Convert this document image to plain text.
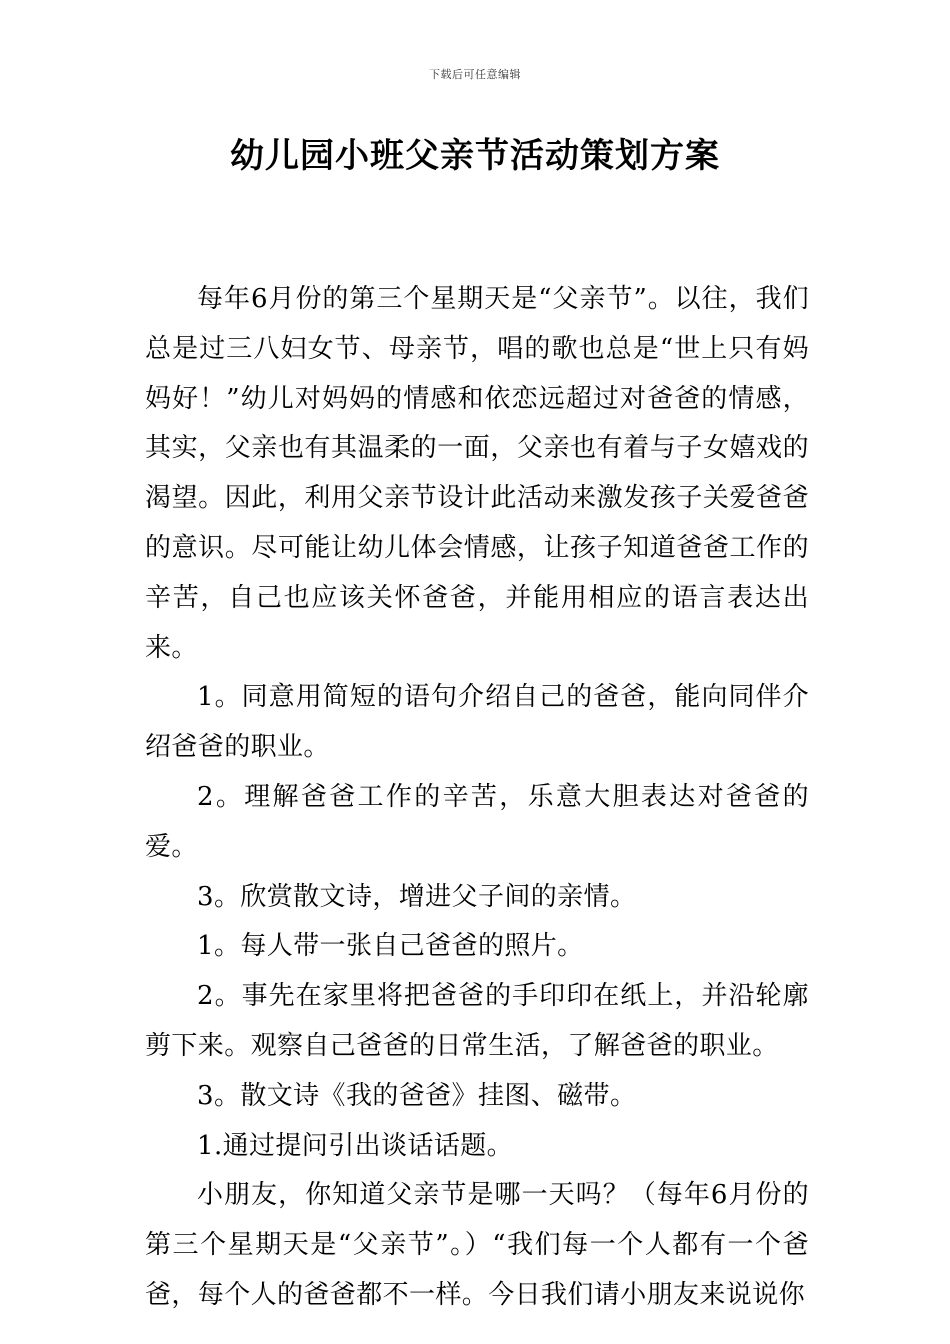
下载后可任意编辑
幼儿园小班父亲节活动策划方案

每年6月份的第三个星期天是“父亲节”。以往，我们总是过三八妇女节、母亲节，唱的歌也总是“世上只有妈妈好！”幼儿对妈妈的情感和依恋远超过对爸爸的情感，其实，父亲也有其温柔的一面，父亲也有着与子女嬉戏的渴望。因此，利用父亲节设计此活动来激发孩子关爱爸爸的意识。尽可能让幼儿体会情感，让孩子知道爸爸工作的辛苦，自己也应该关怀爸爸，并能用相应的语言表达出来。

1。同意用简短的语句介绍自己的爸爸，能向同伴介绍爸爸的职业。

2。理解爸爸工作的辛苦，乐意大胆表达对爸爸的爱。

3。欣赏散文诗，增进父子间的亲情。

1。每人带一张自己爸爸的照片。

2。事先在家里将把爸爸的手印印在纸上，并沿轮廓剪下来。观察自己爸爸的日常生活，了解爸爸的职业。

3。散文诗《我的爸爸》挂图、磁带。

1.通过提问引出谈话话题。

小朋友，你知道父亲节是哪一天吗？（每年6月份的第三个星期天是“父亲节”。）“我们每一个人都有一个爸爸，每个人的爸爸都不一样。今日我们请小朋友来说说你
